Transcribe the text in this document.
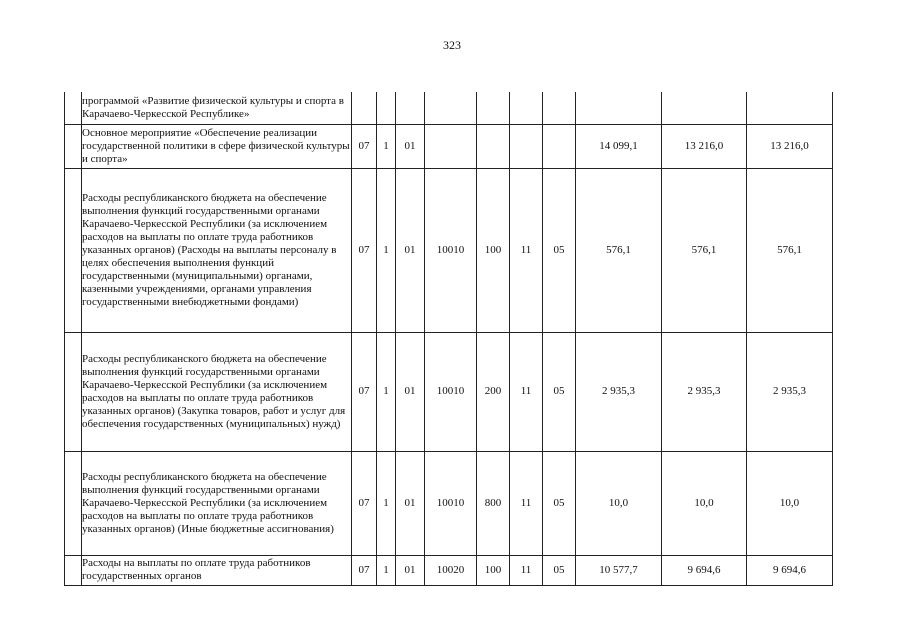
323
	программой «Развитие физической культуры и спорта в Карачаево-Черкесской Республике»										
	Основное мероприятие «Обеспечение реализации государственной политики в сфере физической культуры и спорта»	07	1	01					14 099,1	13 216,0	13 216,0
	Расходы республиканского бюджета на обеспечение выполнения функций государственными органами Карачаево-Черкесской Республики (за исключением расходов на выплаты по оплате труда работников указанных органов) (Расходы на выплаты персоналу в целях обеспечения выполнения функций государственными (муниципальными) органами, казенными учреждениями, органами управления государственными внебюджетными фондами)	07	1	01	10010	100	11	05	576,1	576,1	576,1
	Расходы республиканского бюджета на обеспечение выполнения функций государственными органами Карачаево-Черкесской Республики (за исключением расходов на выплаты по оплате труда работников указанных органов) (Закупка товаров, работ и услуг для обеспечения государственных (муниципальных) нужд)	07	1	01	10010	200	11	05	2 935,3	2 935,3	2 935,3
	Расходы республиканского бюджета на обеспечение выполнения функций государственными органами Карачаево-Черкесской Республики (за исключением расходов на выплаты по оплате труда работников указанных органов) (Иные бюджетные ассигнования)	07	1	01	10010	800	11	05	10,0	10,0	10,0
	Расходы на выплаты по оплате труда работников государственных органов	07	1	01	10020	100	11	05	10 577,7	9 694,6	9 694,6
